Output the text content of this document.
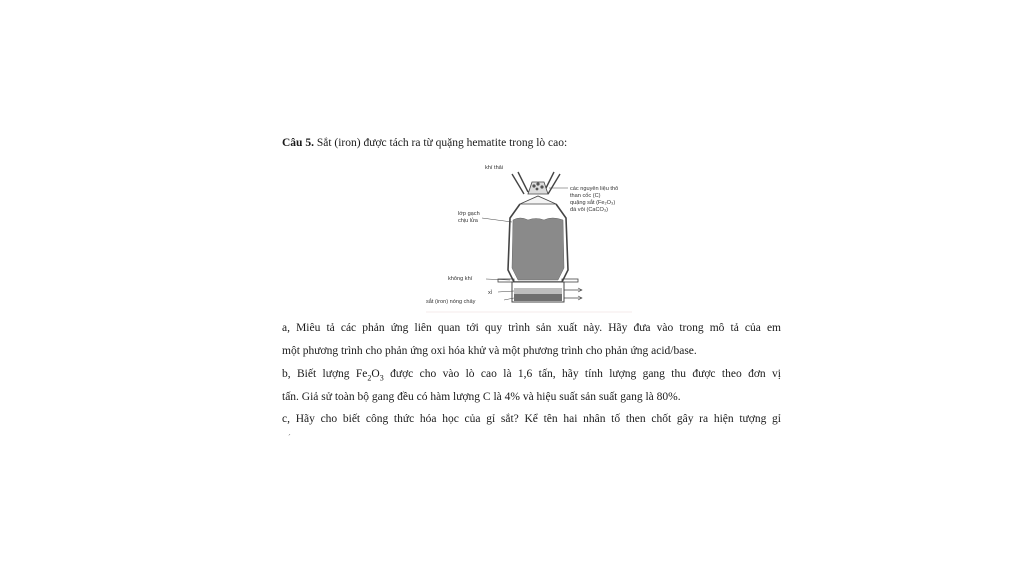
Câu 5. Sắt (iron) được tách ra từ quặng hematite trong lò cao:
khí thải
các nguyên liệu thô
than cốc (C)
quặng sắt (Fe₂O₃)
đá vôi (CaCO₃)
lớp gạch
chịu lửa
không khí
xỉ
sắt (iron) nóng chảy
a, Miêu tả các phản ứng liên quan tới quy trình sản xuất này. Hãy đưa vào trong mô tả của em
một phương trình cho phản ứng oxi hóa khử và một phương trình cho phản ứng acid/base.
b, Biết lượng $Fe_2O_3$ được cho vào lò cao là 1,6 tấn, hãy tính lượng gang thu được theo đơn vị
tấn. Giả sử toàn bộ gang đều có hàm lượng C là 4% và hiệu suất sản suất gang là 80%.
c, Hãy cho biết công thức hóa học của gỉ sắt? Kể tên hai nhân tố then chốt gây ra hiện tượng gỉ
´
